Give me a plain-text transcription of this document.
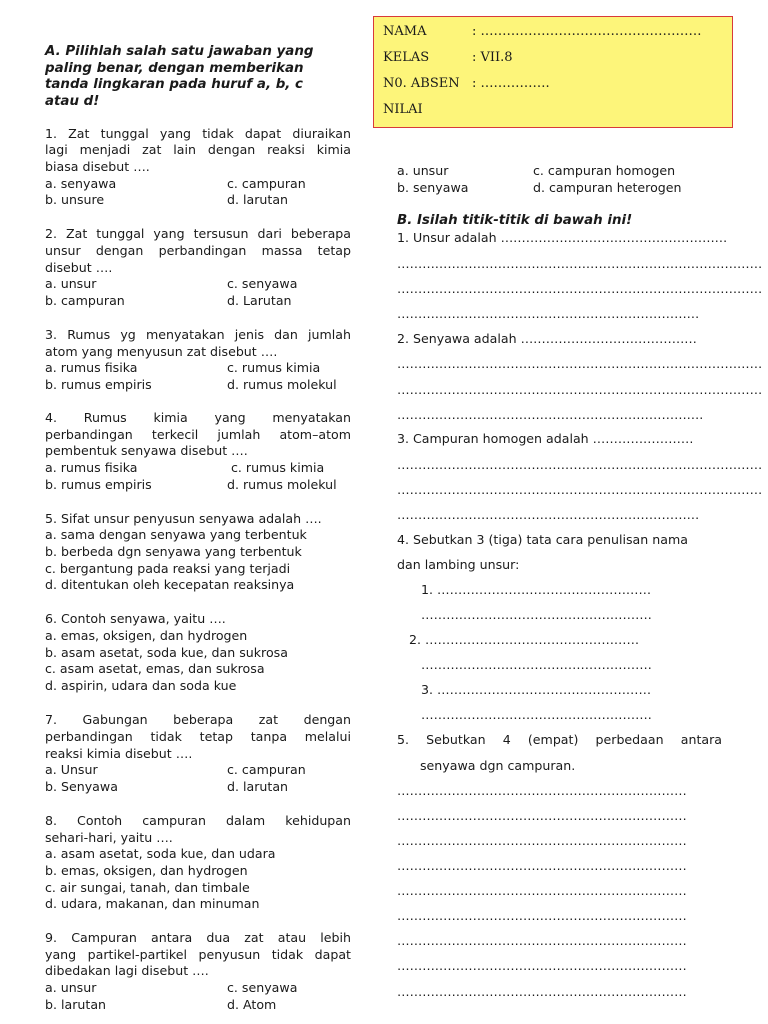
NAMA	: ……………………………………………
KELAS	: VII.8
N0. ABSEN : …………….
NILAI
A. Pilihlah salah satu jawaban yang
paling benar, dengan memberikan
tanda lingkaran pada huruf a, b, c
atau d!
1. Zat tunggal yang tidak dapat diuraikan
lagi menjadi zat lain dengan reaksi kimia
biasa disebut ….
a. senyawa	c. campuran
b. unsure	d. larutan
2. Zat tunggal yang tersusun dari beberapa
unsur dengan perbandingan massa tetap
disebut ….
a. unsur	c. senyawa
b. campuran	d. Larutan
3. Rumus yg menyatakan jenis dan jumlah
atom yang menyusun zat disebut ….
a. rumus fisika	c. rumus kimia
b. rumus empiris	d. rumus molekul
4. Rumus kimia yang menyatakan
perbandingan terkecil jumlah atom–atom
pembentuk senyawa disebut ….
a. rumus fisika	c. rumus kimia
b. rumus empiris	d. rumus molekul
5. Sifat unsur penyusun senyawa adalah ….
a. sama dengan senyawa yang terbentuk
b. berbeda dgn senyawa yang terbentuk
c. bergantung pada reaksi yang terjadi
d. ditentukan oleh kecepatan reaksinya
6. Contoh senyawa, yaitu ….
a. emas, oksigen, dan hydrogen
b. asam asetat, soda kue, dan sukrosa
c. asam asetat, emas, dan sukrosa
d. aspirin, udara dan soda kue
7. Gabungan beberapa zat dengan
perbandingan tidak tetap tanpa melalui
reaksi kimia disebut ….
a. Unsur	c. campuran
b. Senyawa	d. larutan
8. Contoh campuran dalam kehidupan
sehari-hari, yaitu ….
a. asam asetat, soda kue, dan udara
b. emas, oksigen, dan hydrogen
c. air sungai, tanah, dan timbale
d. udara, makanan, dan minuman
9. Campuran antara dua zat atau lebih
yang partikel-partikel penyusun tidak dapat
dibedakan lagi disebut ….
a. unsur	c. senyawa
b. larutan	d. Atom
a. unsur	c. campuran homogen
b. senyawa	d. campuran heterogen
B. Isilah titik-titik di bawah ini!
1. Unsur adalah ………………………………………………
……………………………………………………………………………
……………………………………………………………………………
………………………………………………………………
2. Senyawa adalah ……………………………………
……………………………………………………………………………
……………………………………………………………………………
……………………………………………………………….
3. Campuran homogen adalah ……………………
……………………………………………………………………………
……………………………………………………………………………
………………………………………………………………
4. Sebutkan 3 (tiga) tata cara penulisan nama
dan lambing unsur:
1. ……………………………………………
……………………………………………….
2. ……………………………………………
……………………………………………….
3. ……………………………………………
……………………………………………….
5. Sebutkan 4 (empat) perbedaan antara
senyawa dgn campuran.
……………………………………………………………
……………………………………………………………
……………………………………………………………
……………………………………………………………
……………………………………………………………
……………………………………………………………
……………………………………………………………
……………………………………………………………
……………………………………………………………
